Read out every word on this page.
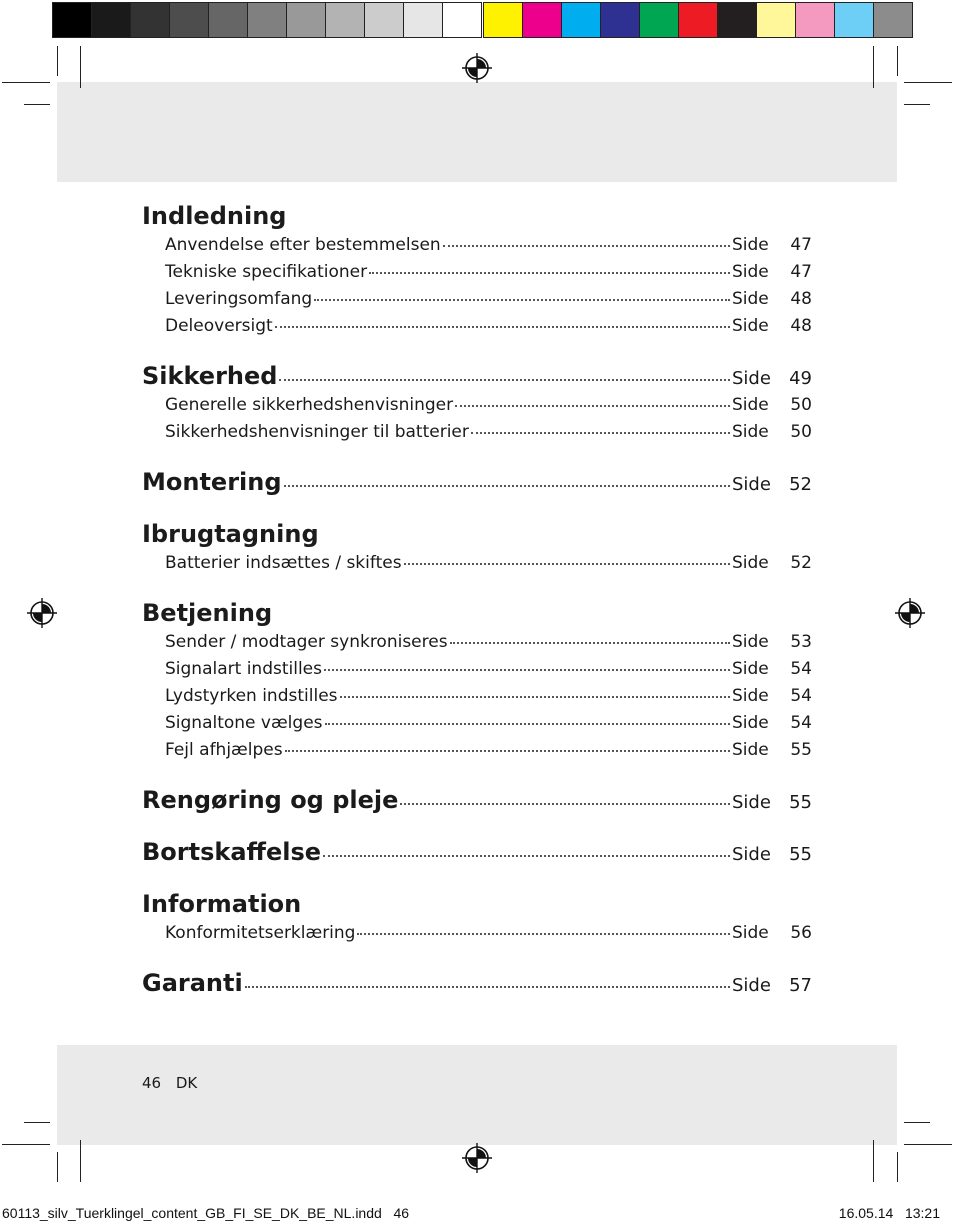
Indledning
Anvendelse efter bestemmelsen	Side	47
Tekniske specifikationer	Side	47
Leveringsomfang	Side	48
Deleoversigt	Side	48
Sikkerhed	Side	49
Generelle sikkerhedshenvisninger	Side	50
Sikkerhedshenvisninger til batterier	Side	50
Montering	Side	52
Ibrugtagning
Batterier indsættes / skiftes	Side	52
Betjening
Sender / modtager synkroniseres	Side	53
Signalart indstilles	Side	54
Lydstyrken indstilles	Side	54
Signaltone vælges	Side	54
Fejl afhjælpes	Side	55
Rengøring og pleje	Side	55
Bortskaffelse	Side	55
Information
Konformitetserklæring	Side	56
Garanti	Side	57
46 DK
60113_silv_Tuerklingel_content_GB_FI_SE_DK_BE_NL.indd 46	16.05.14 13:21
